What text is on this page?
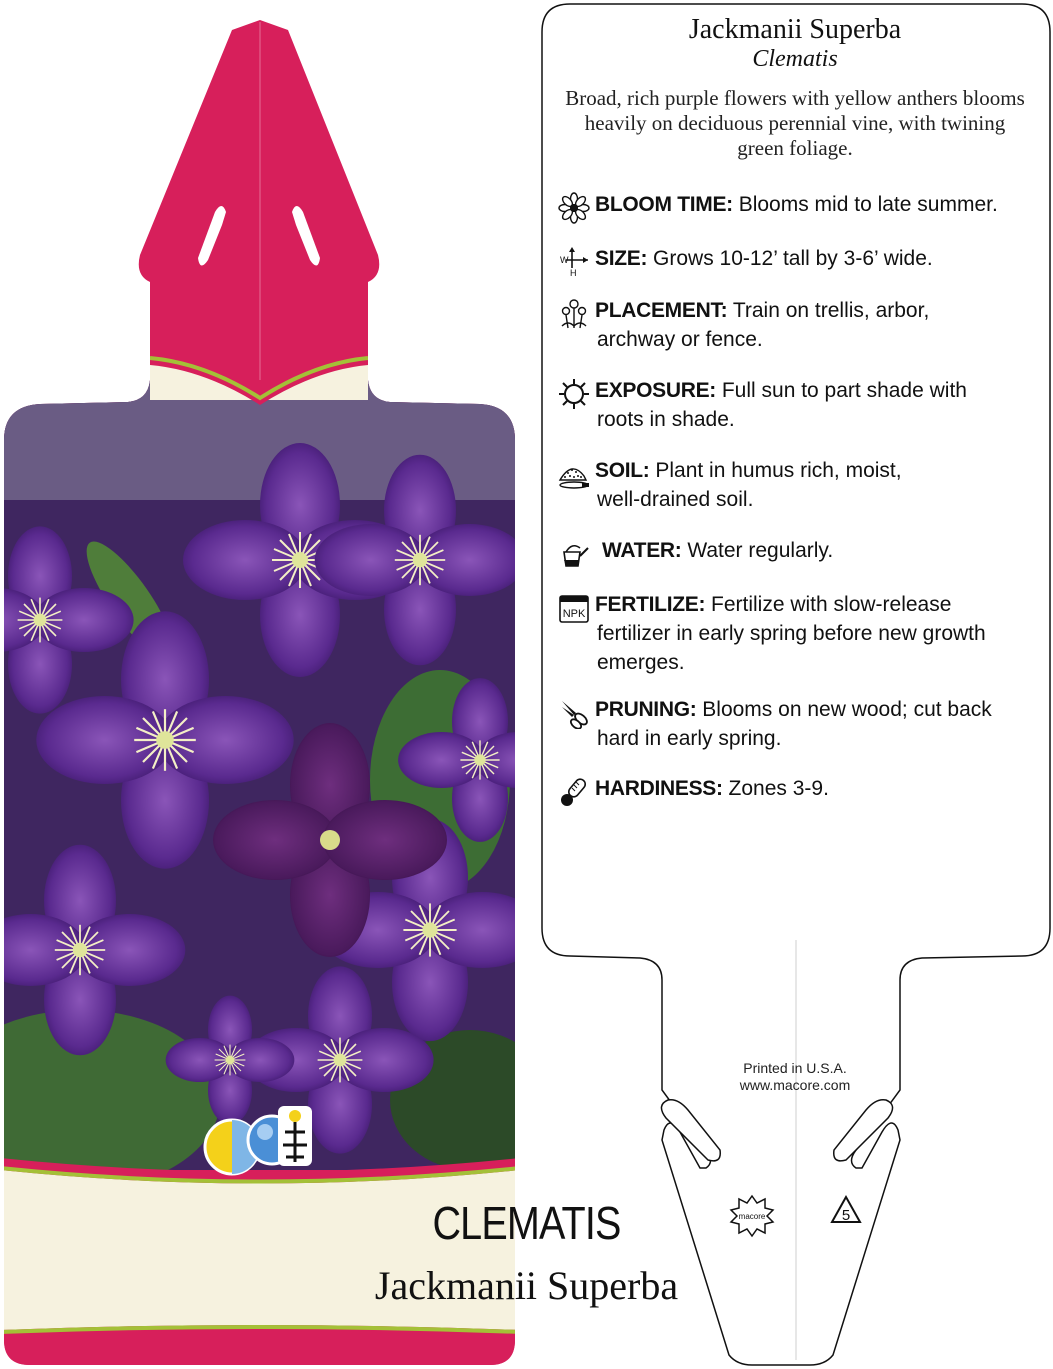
CLEMATIS
Jackmanii Superba
macore	5
Jackmanii Superba
Clematis
Broad, rich purple flowers with yellow anthers blooms heavily on deciduous perennial vine, with twining green foliage.
BLOOM TIME: Blooms mid to late summer.
W
H
SIZE: Grows 10-12’ tall by 3-6’ wide.
PLACEMENT: Train on trellis, arbor,
archway or fence.
EXPOSURE: Full sun to part shade with
roots in shade.
SOIL: Plant in humus rich, moist,
well-drained soil.
WATER: Water regularly.
NPK FERTILIZE: Fertilize with slow-release
fertilizer in early spring before new growth
emerges.
PRUNING: Blooms on new wood; cut back
hard in early spring.
HARDINESS: Zones 3-9.
Printed in U.S.A.
www.macore.com
